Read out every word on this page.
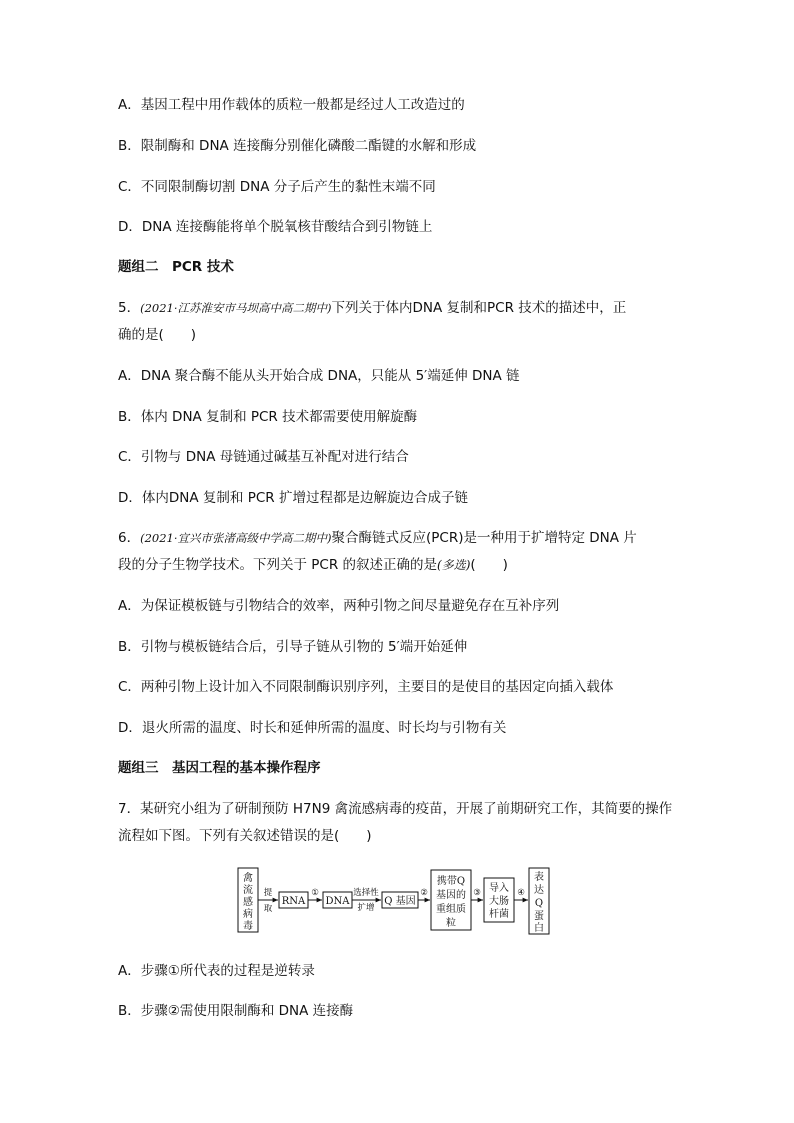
A．基因工程中用作载体的质粒一般都是经过人工改造过的
B．限制酶和 DNA 连接酶分别催化磷酸二酯键的水解和形成
C．不同限制酶切割 DNA 分子后产生的黏性末端不同
D．DNA 连接酶能将单个脱氧核苷酸结合到引物链上
题组二　PCR 技术
5．(2021·江苏淮安市马坝高中高二期中)下列关于体内DNA 复制和PCR 技术的描述中，正
确的是(　　)
A．DNA 聚合酶不能从头开始合成 DNA，只能从 5′端延伸 DNA 链
B．体内 DNA 复制和 PCR 技术都需要使用解旋酶
C．引物与 DNA 母链通过碱基互补配对进行结合
D．体内DNA 复制和 PCR 扩增过程都是边解旋边合成子链
6．(2021·宜兴市张渚高级中学高二期中)聚合酶链式反应(PCR)是一种用于扩增特定 DNA 片
段的分子生物学技术。下列关于 PCR 的叙述正确的是(多选)(　　)
A．为保证模板链与引物结合的效率，两种引物之间尽量避免存在互补序列
B．引物与模板链结合后，引导子链从引物的 5′端开始延伸
C．两种引物上设计加入不同限制酶识别序列，主要目的是使目的基因定向插入载体
D．退火所需的温度、时长和延伸所需的温度、时长均与引物有关
题组三　基因工程的基本操作程序
7．某研究小组为了研制预防 H7N9 禽流感病毒的疫苗，开展了前期研究工作，其简要的操作
流程如下图。下列有关叙述错误的是(　　)
禽
流
感
病
毒
提
取
RNA
①
DNA
选择性
扩增
Q 基因
②
携带Q
基因的
重组质
粒
③ 导入
大肠
杆菌
④
表
达
Q
蛋
白
A．步骤①所代表的过程是逆转录
B．步骤②需使用限制酶和 DNA 连接酶
